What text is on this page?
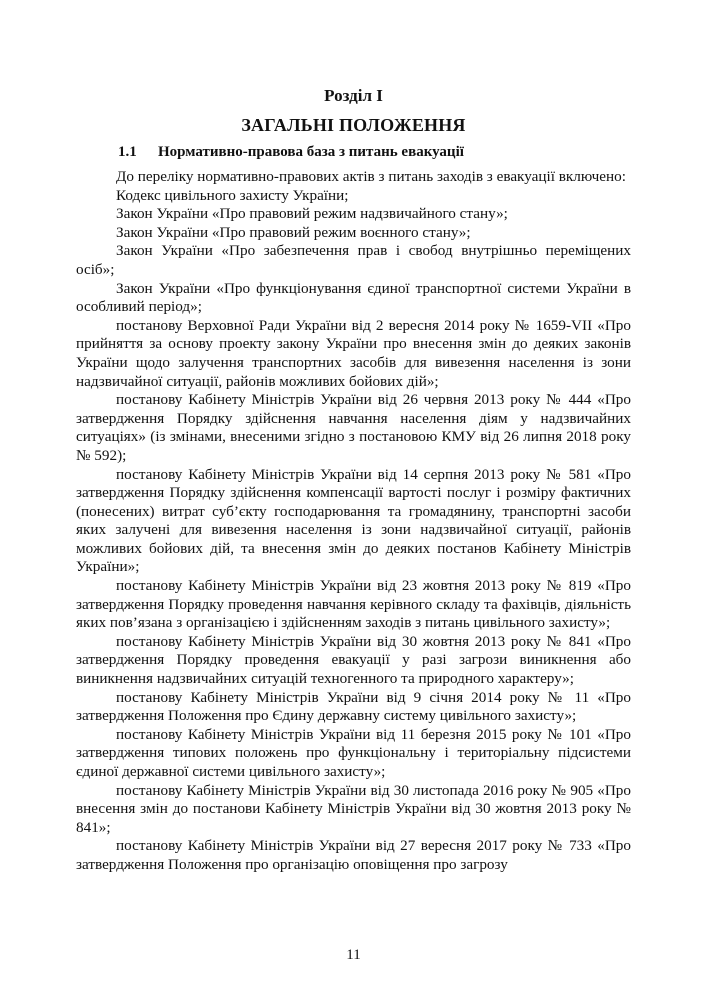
Розділ І
ЗАГАЛЬНІ ПОЛОЖЕННЯ
1.1 Нормативно-правова база з питань евакуації

До переліку нормативно-правових актів з питань заходів з евакуації включено:

Кодекс цивільного захисту України;

Закон України «Про правовий режим надзвичайного стану»;

Закон України «Про правовий режим воєнного стану»;

Закон України «Про забезпечення прав і свобод внутрішньо переміщених осіб»;

Закон України «Про функціонування єдиної транспортної системи України в особливий період»;

постанову Верховної Ради України від 2 вересня 2014 року № 1659-VII «Про прийняття за основу проекту закону України про внесення змін до деяких законів України щодо залучення транспортних засобів для вивезення населення із зони надзвичайної ситуації, районів можливих бойових дій»;

постанову Кабінету Міністрів України від 26 червня 2013 року № 444 «Про затвердження Порядку здійснення навчання населення діям у надзвичайних ситуаціях» (із змінами, внесеними згідно з постановою КМУ від 26 липня 2018 року № 592);

постанову Кабінету Міністрів України від 14 серпня 2013 року № 581 «Про затвердження Порядку здійснення компенсації вартості послуг і розміру фактичних (понесених) витрат суб’єкту господарювання та громадянину, транспортні засоби яких залучені для вивезення населення із зони надзвичайної ситуації, районів можливих бойових дій, та внесення змін до деяких постанов Кабінету Міністрів України»;

постанову Кабінету Міністрів України від 23 жовтня 2013 року № 819 «Про затвердження Порядку проведення навчання керівного складу та фахівців, діяльність яких пов’язана з організацією і здійсненням заходів з питань цивільного захисту»;

постанову Кабінету Міністрів України від 30 жовтня 2013 року № 841 «Про затвердження Порядку проведення евакуації у разі загрози виникнення або виникнення надзвичайних ситуацій техногенного та природного характеру»;

постанову Кабінету Міністрів України від 9 січня 2014 року № 11 «Про затвердження Положення про Єдину державну систему цивільного захисту»;

постанову Кабінету Міністрів України від 11 березня 2015 року № 101 «Про затвердження типових положень про функціональну і територіальну підсистеми єдиної державної системи цивільного захисту»;

постанову Кабінету Міністрів України від 30 листопада 2016 року № 905 «Про внесення змін до постанови Кабінету Міністрів України від 30 жовтня 2013 року № 841»;

постанову Кабінету Міністрів України від 27 вересня 2017 року № 733 «Про затвердження Положення про організацію оповіщення про загрозу

11
